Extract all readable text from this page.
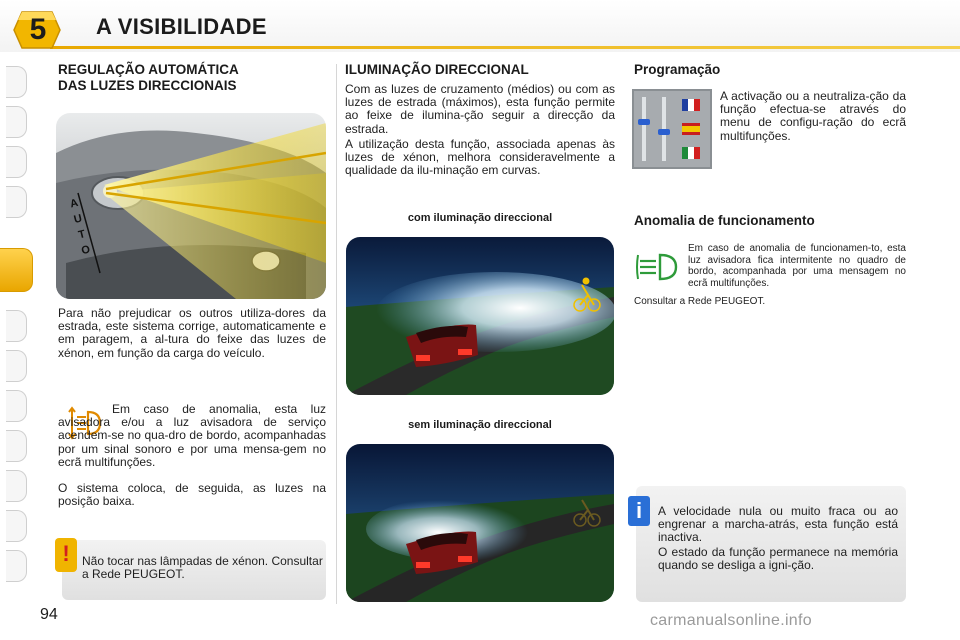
5	A VISIBILIDADE
REGULAÇÃO AUTOMÁTICA
DAS LUZES DIRECCIONAIS
A
U
T
O
Para não prejudicar os outros utiliza-dores da estrada, este sistema corrige, automaticamente e em paragem, a al-tura do feixe das luzes de xénon, em função da carga do veículo.
Em caso de anomalia, esta luz avisadora e/ou a luz avisadora de serviço acendem-se no qua-dro de bordo, acompanhadas por um sinal sonoro e por uma mensa-gem no ecrã multifunções.
O sistema coloca, de seguida, as luzes na posição baixa.
!	Não tocar nas lâmpadas de xénon. Consultar a Rede PEUGEOT.
ILUMINAÇÃO DIRECCIONAL
Com as luzes de cruzamento (médios) ou com as luzes de estrada (máximos), esta função permite ao feixe de ilumina-ção seguir a direcção da estrada.
A utilização desta função, associada apenas às luzes de xénon, melhora consideravelmente a qualidade da ilu-minação em curvas.
com iluminação direccional
sem iluminação direccional
Programação
A activação ou a neutraliza-ção da função efectua-se através do menu de configu-ração do ecrã multifunções.
Anomalia de funcionamento
Em caso de anomalia de funcionamen-to, esta luz avisadora fica intermitente no quadro de bordo, acompanhada por uma mensagem no ecrã multifunções.
Consultar a Rede PEUGEOT.
i	A velocidade nula ou muito fraca ou ao engrenar a marcha-atrás, esta função está inactiva.
O estado da função permanece na memória quando se desliga a igni-ção.
94	carmanualsonline.info
